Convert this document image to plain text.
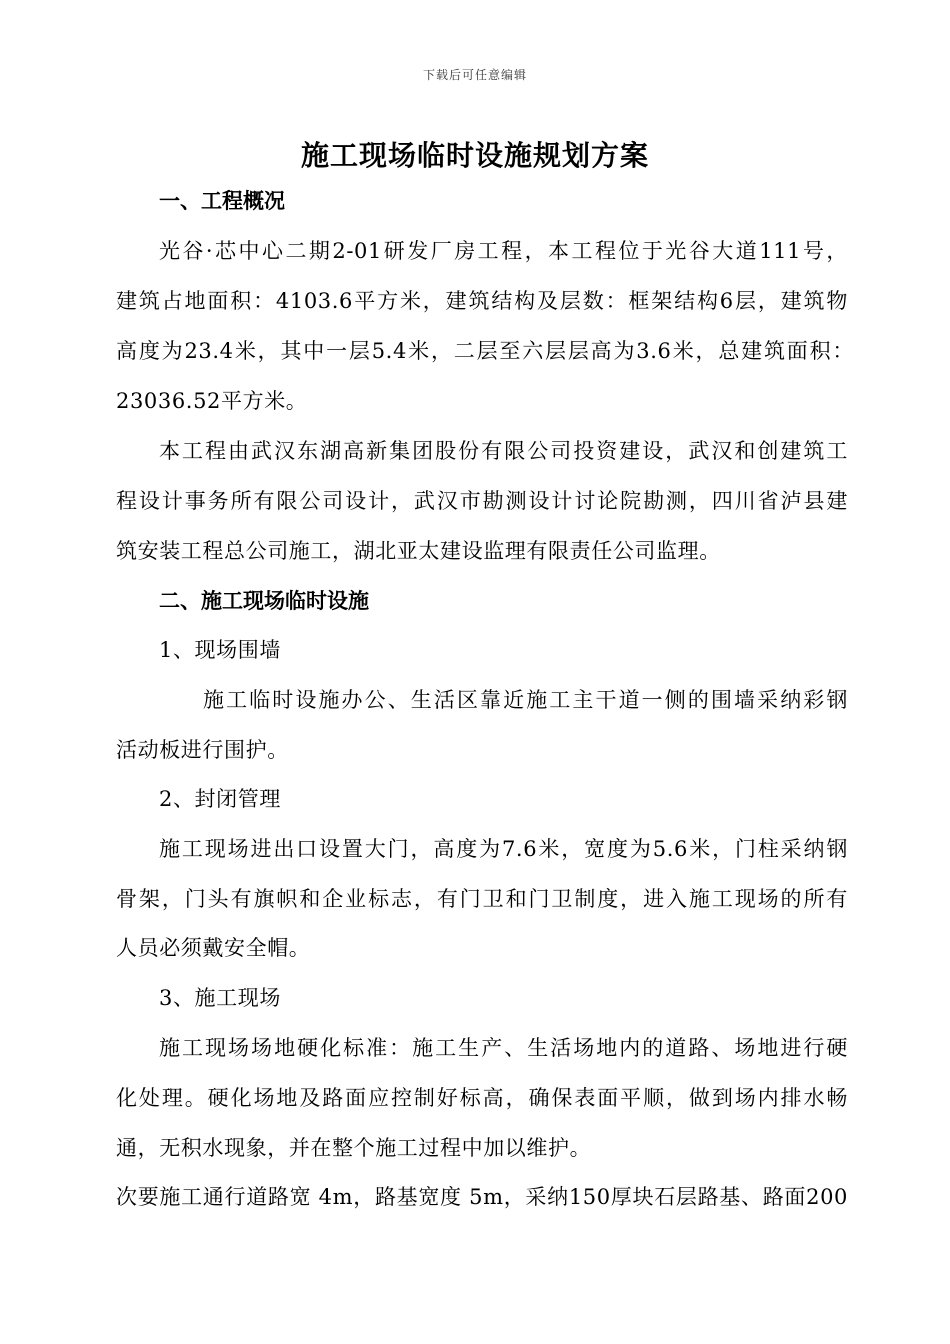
下载后可任意编辑
施工现场临时设施规划方案
一、工程概况
光谷·芯中心二期2-01研发厂房工程，本工程位于光谷大道111号，
建筑占地面积：4103.6平方米，建筑结构及层数：框架结构6层，建筑物
高度为23.4米，其中一层5.4米，二层至六层层高为3.6米，总建筑面积：
23036.52平方米。
本工程由武汉东湖高新集团股份有限公司投资建设，武汉和创建筑工
程设计事务所有限公司设计，武汉市勘测设计讨论院勘测，四川省泸县建
筑安装工程总公司施工，湖北亚太建设监理有限责任公司监理。
二、施工现场临时设施
1、现场围墙
施工临时设施办公、生活区靠近施工主干道一侧的围墙采纳彩钢
活动板进行围护。
2、封闭管理
施工现场进出口设置大门，高度为7.6米，宽度为5.6米，门柱采纳钢
骨架，门头有旗帜和企业标志，有门卫和门卫制度，进入施工现场的所有
人员必须戴安全帽。
3、施工现场
施工现场场地硬化标准：施工生产、生活场地内的道路、场地进行硬
化处理。硬化场地及路面应控制好标高，确保表面平顺，做到场内排水畅
通，无积水现象，并在整个施工过程中加以维护。
次要施工通行道路宽 4m，路基宽度 5m，采纳150厚块石层路基、路面200
